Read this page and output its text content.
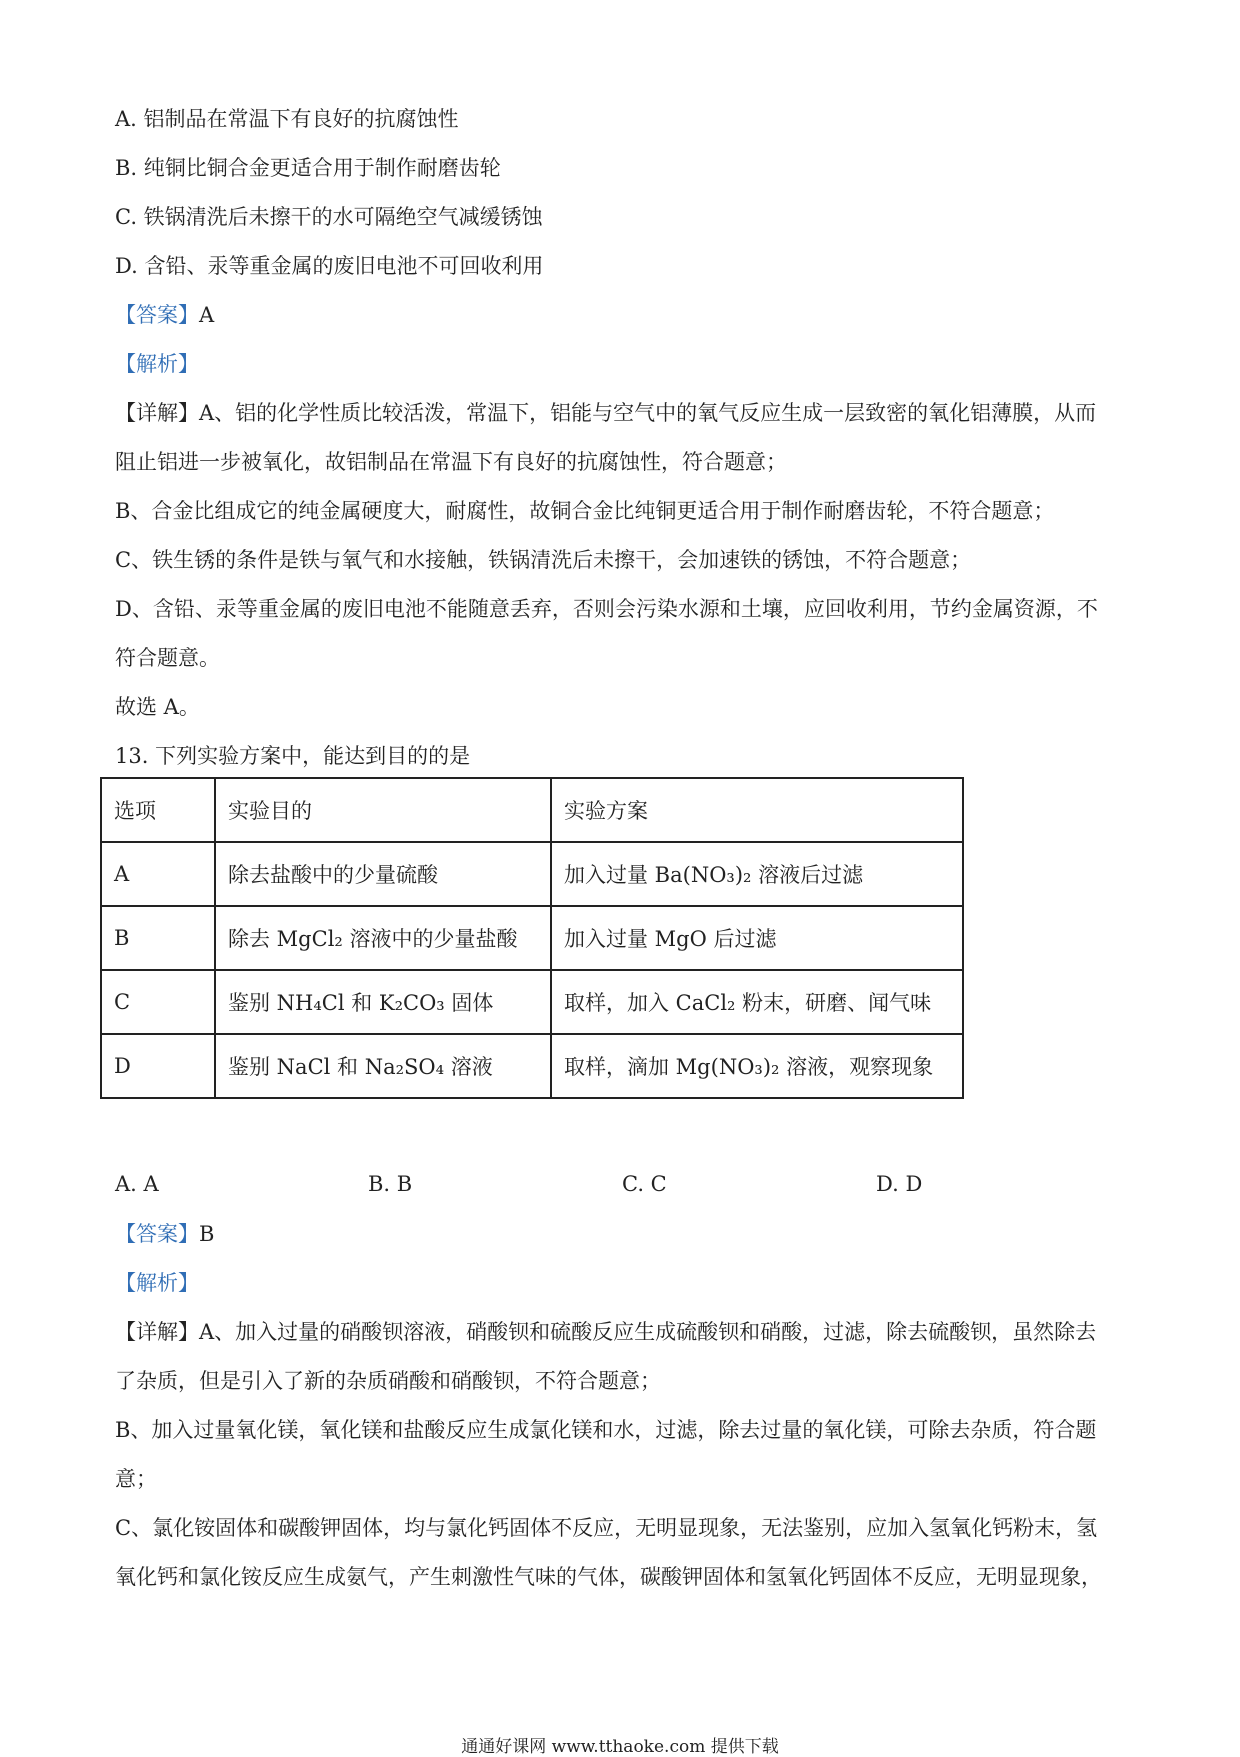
A. 铝制品在常温下有良好的抗腐蚀性
B. 纯铜比铜合金更适合用于制作耐磨齿轮
C. 铁锅清洗后未擦干的水可隔绝空气减缓锈蚀
D. 含铅、汞等重金属的废旧电池不可回收利用
【答案】A
【解析】
【详解】A、铝的化学性质比较活泼，常温下，铝能与空气中的氧气反应生成一层致密的氧化铝薄膜，从而
阻止铝进一步被氧化，故铝制品在常温下有良好的抗腐蚀性，符合题意；
B、合金比组成它的纯金属硬度大，耐腐性，故铜合金比纯铜更适合用于制作耐磨齿轮，不符合题意；
C、铁生锈的条件是铁与氧气和水接触，铁锅清洗后未擦干，会加速铁的锈蚀，不符合题意；
D、含铅、汞等重金属的废旧电池不能随意丢弃，否则会污染水源和土壤，应回收利用，节约金属资源，不
符合题意。
故选 A。
13. 下列实验方案中，能达到目的的是
选项	实验目的	实验方案
A	除去盐酸中的少量硫酸	加入过量 Ba(NO₃)₂ 溶液后过滤
B	除去 MgCl₂ 溶液中的少量盐酸	加入过量 MgO 后过滤
C	鉴别 NH₄Cl 和 K₂CO₃ 固体	取样，加入 CaCl₂ 粉末，研磨、闻气味
D	鉴别 NaCl 和 Na₂SO₄ 溶液	取样，滴加 Mg(NO₃)₂ 溶液，观察现象
A. A	B. B	C. C	D. D
【答案】B
【解析】
【详解】A、加入过量的硝酸钡溶液，硝酸钡和硫酸反应生成硫酸钡和硝酸，过滤，除去硫酸钡，虽然除去
了杂质，但是引入了新的杂质硝酸和硝酸钡，不符合题意；
B、加入过量氧化镁，氧化镁和盐酸反应生成氯化镁和水，过滤，除去过量的氧化镁，可除去杂质，符合题
意；
C、氯化铵固体和碳酸钾固体，均与氯化钙固体不反应，无明显现象，无法鉴别，应加入氢氧化钙粉末，氢
氧化钙和氯化铵反应生成氨气，产生刺激性气味的气体，碳酸钾固体和氢氧化钙固体不反应，无明显现象，
通通好课网 www.tthaoke.com 提供下载
